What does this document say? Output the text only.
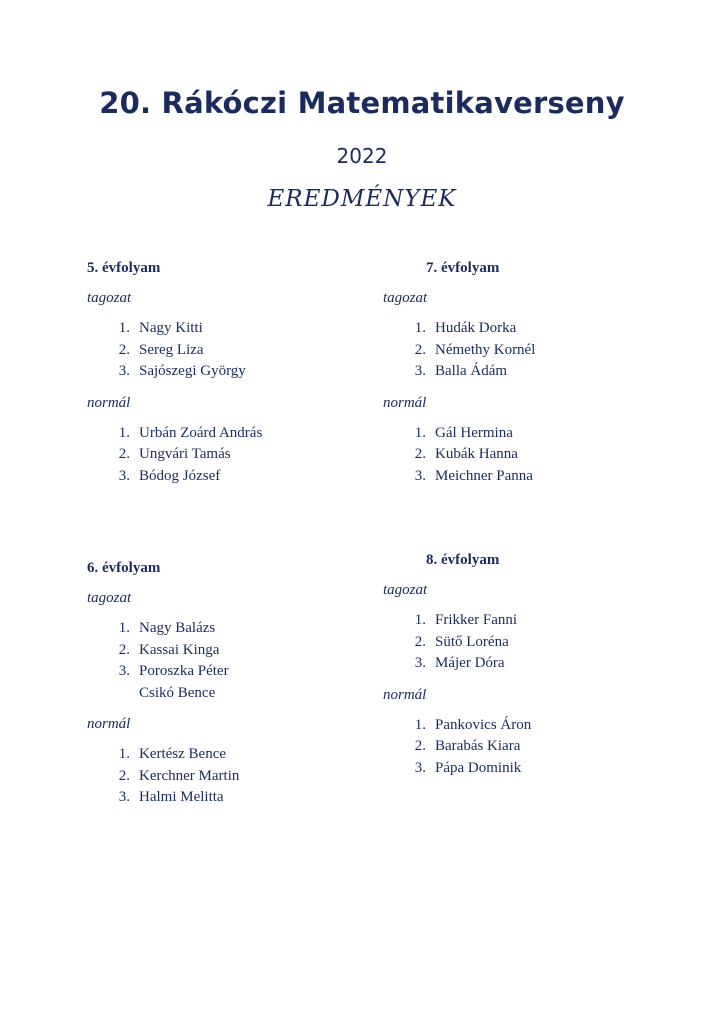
20. Rákóczi Matematikaverseny
2022
EREDMÉNYEK
5. évfolyam
tagozat
1. Nagy Kitti
2. Sereg Liza
3. Sajószegi György
normál
1. Urbán Zoárd András
2. Ungvári Tamás
3. Bódog József
6. évfolyam
tagozat
1. Nagy Balázs
2. Kassai Kinga
3. Poroszka Péter
Csikó Bence
normál
1. Kertész Bence
2. Kerchner Martin
3. Halmi Melitta
7. évfolyam
tagozat
1. Hudák Dorka
2. Némethy Kornél
3. Balla Ádám
normál
1. Gál Hermina
2. Kubák Hanna
3. Meichner Panna
8. évfolyam
tagozat
1. Frikker Fanni
2. Sütő Loréna
3. Májer Dóra
normál
1. Pankovics Áron
2. Barabás Kiara
3. Pápa Dominik
